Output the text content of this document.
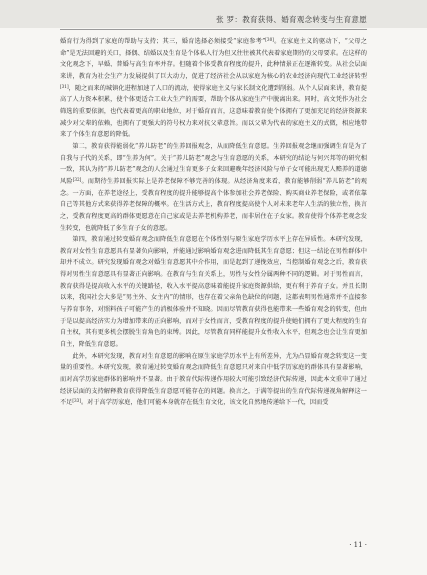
张 罗：教育获得、婚育观念转变与生育意愿

婚育行为得到了家庭的帮助与支持；其三，婚育选择必须接受“家庭参考”[30]。在家庭主义的驱动下，“父母之命”是无法回避的关口，择偶、结婚以及生育是个体私人行为但又往往被其代表着家庭期待的父母要求。在这样的文化观念下，早婚、普婚与高生育率并存。但随着个体受教育程度的提升，此种情景正在逐渐转变。从社会层面来讲，教育为社会生产力发展提供了巨大动力，促进了经济社会从以家庭为核心的农业经济向现代工业经济转型[31]，随之而来的城镇化进程加速了人口的流动，使得家庭主义与家长制文化遭到削弱。从个人层面来讲，教育提高了人力资本积累，使个体更适合工业大生产的需要，帮助个体从家庭生产中脱离出来。同时，高文凭作为社会筛选的重要依据，也代表着更高的职业地位，对于婚育而言，这意味着教育使个体拥有了更加充足的经济资源来减少对父辈的依赖，也拥有了更强大的符号权力来对抗父辈意旨。而以父辈为代表的家庭主义的式微，相应地带来了个体生育意愿的降低。

第二，教育获得能弱化“养儿防老”的生养回报观念，从而降低生育意愿。生养回报观念继而强调生育是为了自我与子代的关系，即“生养为何”。关于“养儿防老”观念与生育意愿的关系，本研究的结论与何兴邦等的研究相一致，其认为持“养儿防老”观念的人会通过生育更多子女来回避晚年经济风险与单子女可能出现无人赡养的道德风险[32]。而期待生养回报实际上是养老保障不够完善的体现。从经济角度来看，教育能够削弱“养儿防老”的观念。一方面，在养老途径上，受教育程度的提升能够提高个体参加社会养老保险、购买商业养老保险，或者依靠自己等其他方式来获得养老保障的概率。在生活方式上，教育程度提高使个人对未来老年人生活的独立性，换言之，受教育程度更高的群体更愿意在自己家或是去养老机构养老，而非居住在子女家。教育使得个体养老观念发生转变，也就降低了多生育子女的意愿。

第四，教育通过转变婚育观念而降低生育意愿在个体性别与原生家庭学历水平上存在异质性。本研究发现，教育对女性生育意愿具有显著负向影响，并能通过影响婚育观念进而降低其生育意愿；但这一结论在男性群体中却并不成立。研究发现婚育观念对婚生育意愿其中介作用，而是起到了递挽效应，当控制婚育观念之后，教育获得对男性生育意愿具有显著正向影响。在教育与生育关系上，男性与女性分属两种不同的逻辑。对于男性而言，教育获得是提高收入水平的关键路径，收入水平提高意味着能提升家庭资源供给，更有利于养育子女。并且长期以来，我国社会大多是“男主外、女主内”的情形，也存在着父亲角色缺位的问题，这都表明男性通常并不直接参与养育事务，对照料孩子可能产生的消极体验并不知晓。因而尽管教育获得也能带来一些婚育观念的转变，但由于是以提高经济实力为增加带来的正向影响，而对于女性而言，受教育程度的提升使她们拥有了更大程度的生育自主权，其有更多机会摆脱生育角色的束缚。因此，尽管教育同样能提升女性收入水平，但观念也会让生育更加自主，降低生育意愿。

此外，本研究发现，教育对生育意愿的影响在原生家庭学历水平上有所差异，尤为凸显婚育观念转变这一变量的重要性。本研究发现，教育通过转变婚育观念而降低生育意愿只对来自中低学历家庭的群体具有显著影响，而对高学历家庭群体的影响并不显著。由于教育代际传递作用较大可能引致经济代际传递，因此本文重申了通过经济层面的支持解释教育获得降低生育意愿可能存在的问题。换言之，于满等提出的生育代际传递视角解释这一不足[33]。对于高学历家庭，他们可能本身就存在低生育文化，该文化自然地传递给下一代，因而受

· 11 ·
